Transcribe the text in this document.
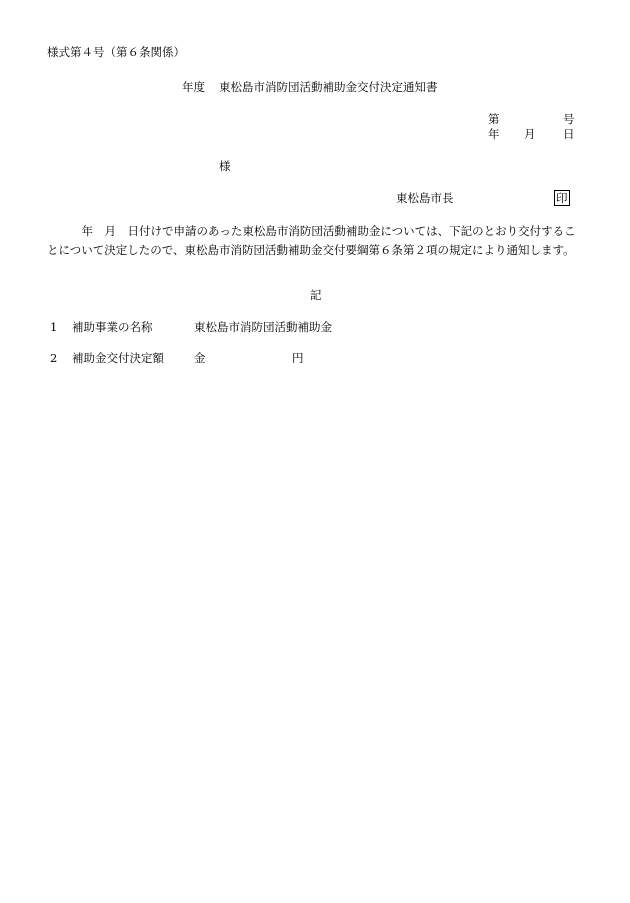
様式第４号（第６条関係）
年度 東松島市消防団活動補助金交付決定通知書
第	号
年 月 日
様
東松島市長	印
　　　年　月　日付けで申請のあった東松島市消防団活動補助金については、下記のとおり交付することについて決定したので、東松島市消防団活動補助金交付要綱第６条第２項の規定により通知します。
記
1 補助事業の名称	東松島市消防団活動補助金
2 補助金交付決定額	金	円
